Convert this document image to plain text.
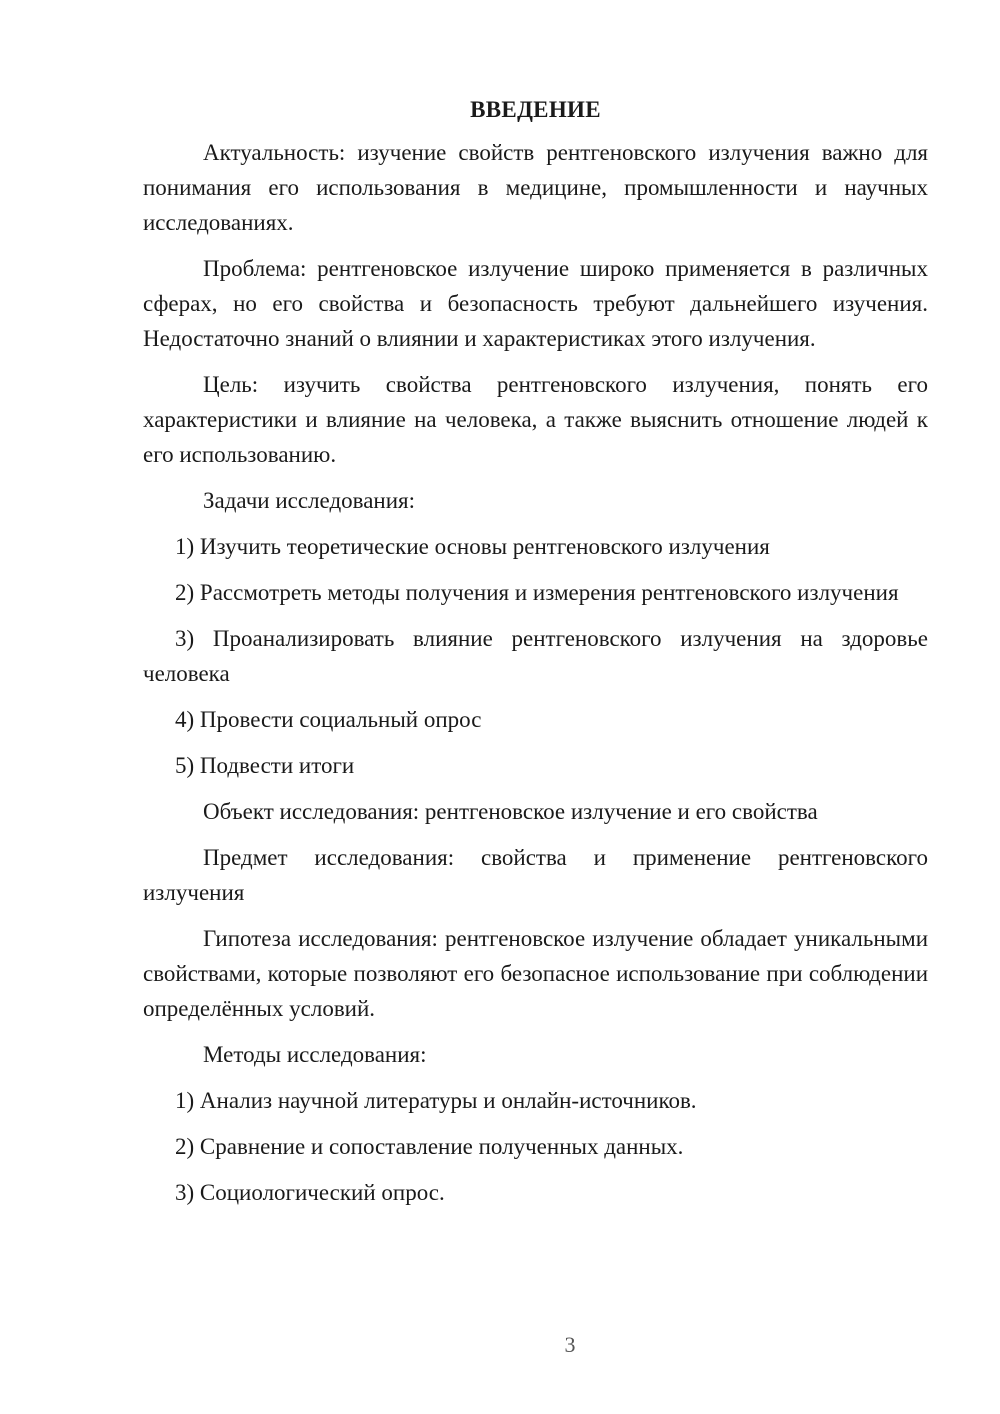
ВВЕДЕНИЕ

Актуальность: изучение свойств рентгеновского излучения важно для понимания его использования в медицине, промышленности и научных исследованиях.

Проблема: рентгеновское излучение широко применяется в различных сферах, но его свойства и безопасность требуют дальнейшего изучения. Недостаточно знаний о влиянии и характеристиках этого излучения.

Цель: изучить свойства рентгеновского излучения, понять его характеристики и влияние на человека, а также выяснить отношение людей к его использованию.

Задачи исследования:

1) Изучить теоретические основы рентгеновского излучения

2) Рассмотреть методы получения и измерения рентгеновского излучения

3) Проанализировать влияние рентгеновского излучения на здоровье человека

4) Провести социальный опрос

5) Подвести итоги

Объект исследования: рентгеновское излучение и его свойства

Предмет исследования: свойства и применение рентгеновского излучения

Гипотеза исследования: рентгеновское излучение обладает уникальными свойствами, которые позволяют его безопасное использование при соблюдении определённых условий.

Методы исследования:

1) Анализ научной литературы и онлайн-источников.

2) Сравнение и сопоставление полученных данных.

3) Социологический опрос.

3
